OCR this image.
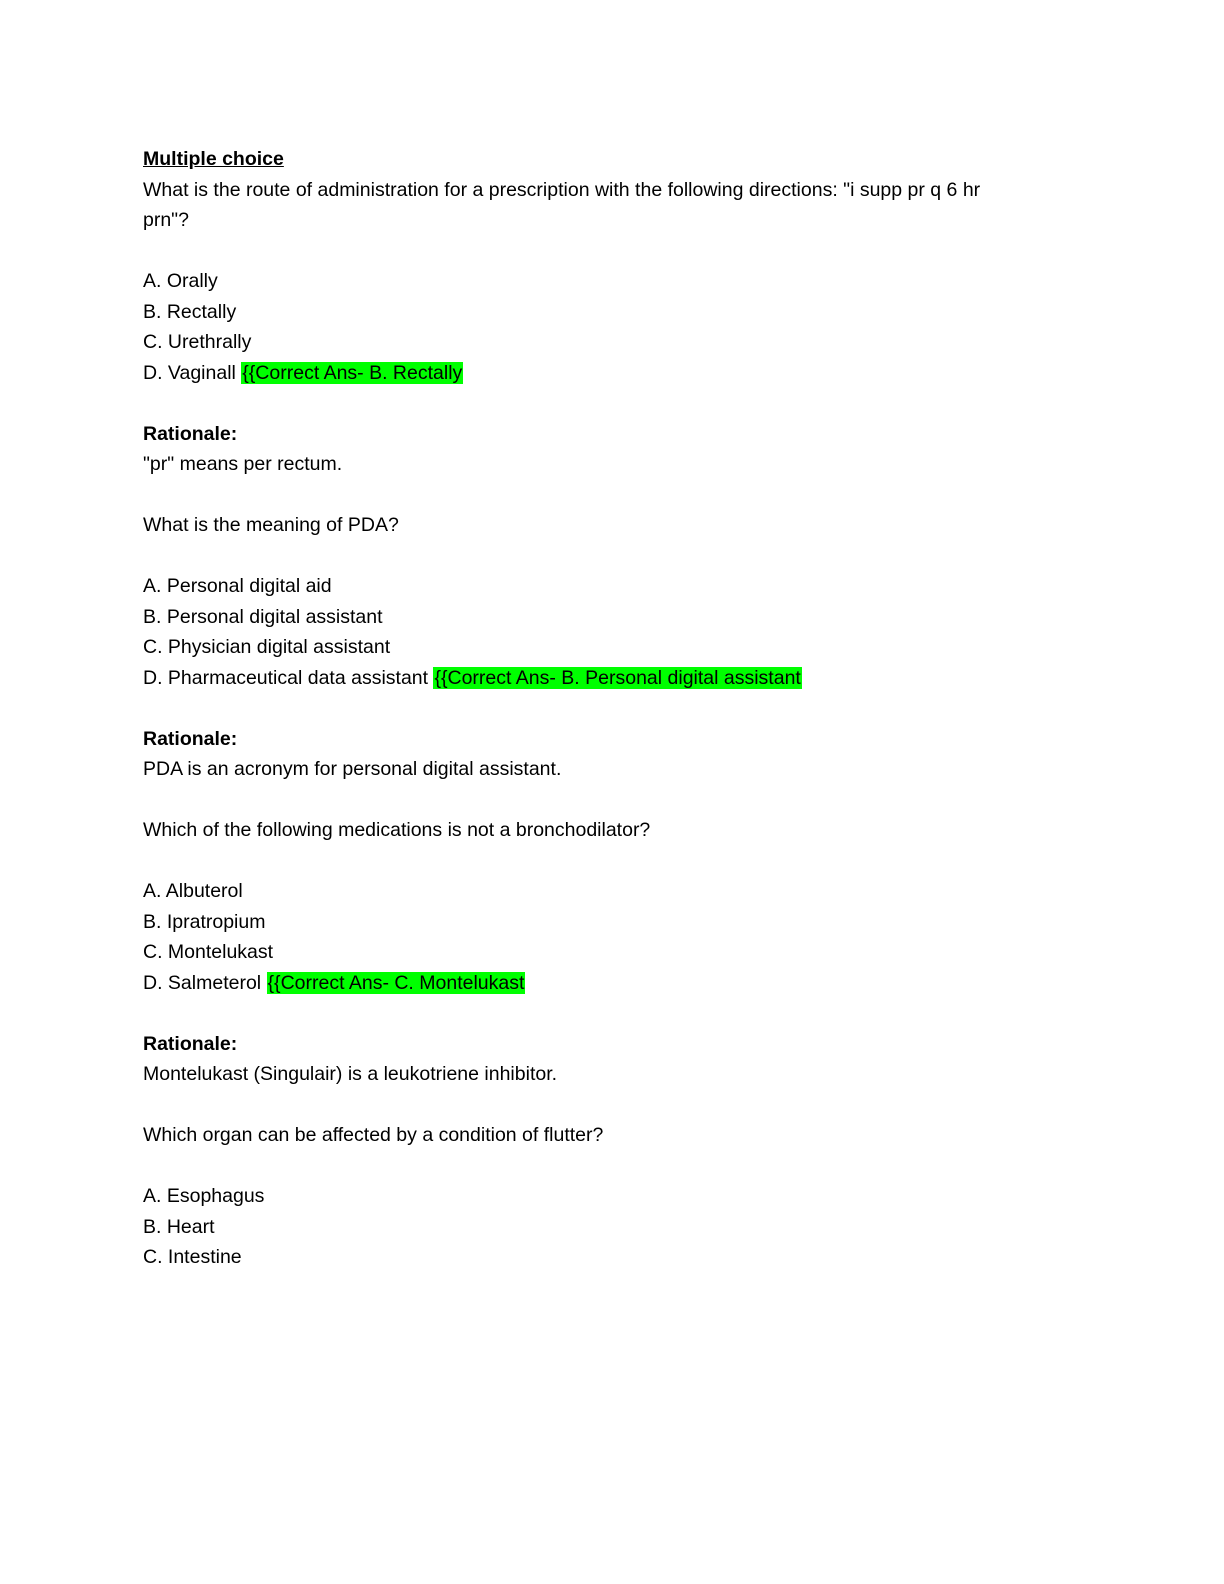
Multiple choice
What is the route of administration for a prescription with the following directions: "i supp pr q 6 hr prn"?
A. Orally
B. Rectally
C. Urethrally
D. Vaginall {{Correct Ans- B. Rectally
Rationale:
"pr" means per rectum.
What is the meaning of PDA?
A. Personal digital aid
B. Personal digital assistant
C. Physician digital assistant
D. Pharmaceutical data assistant {{Correct Ans- B. Personal digital assistant
Rationale:
PDA is an acronym for personal digital assistant.
Which of the following medications is not a bronchodilator?
A. Albuterol
B. Ipratropium
C. Montelukast
D. Salmeterol {{Correct Ans- C. Montelukast
Rationale:
Montelukast (Singulair) is a leukotriene inhibitor.
Which organ can be affected by a condition of flutter?
A. Esophagus
B. Heart
C. Intestine
